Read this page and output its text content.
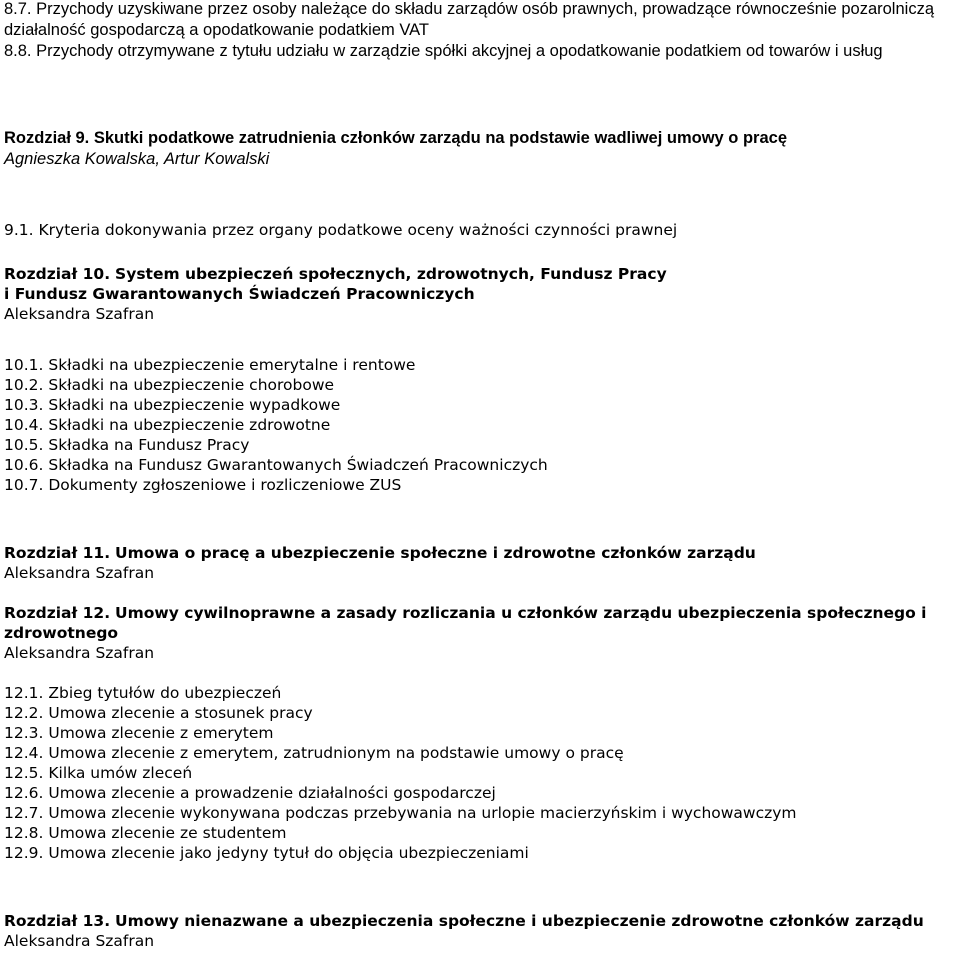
8.7. Przychody uzyskiwane przez osoby należące do składu zarządów osób prawnych, prowadzące równocześnie pozarolniczą działalność gospodarczą a opodatkowanie podatkiem VAT
8.8. Przychody otrzymywane z tytułu udziału w zarządzie spółki akcyjnej a opodatkowanie podatkiem od towarów i usług
Rozdział 9. Skutki podatkowe zatrudnienia członków zarządu na podstawie wadliwej umowy o pracę
Agnieszka Kowalska, Artur Kowalski
9.1. Kryteria dokonywania przez organy podatkowe oceny ważności czynności prawnej
Rozdział 10. System ubezpieczeń społecznych, zdrowotnych, Fundusz Pracy
i Fundusz Gwarantowanych Świadczeń Pracowniczych
Aleksandra Szafran
10.1. Składki na ubezpieczenie emerytalne i rentowe
10.2. Składki na ubezpieczenie chorobowe
10.3. Składki na ubezpieczenie wypadkowe
10.4. Składki na ubezpieczenie zdrowotne
10.5. Składka na Fundusz Pracy
10.6. Składka na Fundusz Gwarantowanych Świadczeń Pracowniczych
10.7. Dokumenty zgłoszeniowe i rozliczeniowe ZUS
Rozdział 11. Umowa o pracę a ubezpieczenie społeczne i zdrowotne członków zarządu
Aleksandra Szafran
Rozdział 12. Umowy cywilnoprawne a zasady rozliczania u członków zarządu ubezpieczenia społecznego i zdrowotnego
Aleksandra Szafran
12.1. Zbieg tytułów do ubezpieczeń
12.2. Umowa zlecenie a stosunek pracy
12.3. Umowa zlecenie z emerytem
12.4. Umowa zlecenie z emerytem, zatrudnionym na podstawie umowy o pracę
12.5. Kilka umów zleceń
12.6. Umowa zlecenie a prowadzenie działalności gospodarczej
12.7. Umowa zlecenie wykonywana podczas przebywania na urlopie macierzyńskim i wychowawczym
12.8. Umowa zlecenie ze studentem
12.9. Umowa zlecenie jako jedyny tytuł do objęcia ubezpieczeniami
Rozdział 13. Umowy nienazwane a ubezpieczenia społeczne i ubezpieczenie zdrowotne członków zarządu
Aleksandra Szafran
